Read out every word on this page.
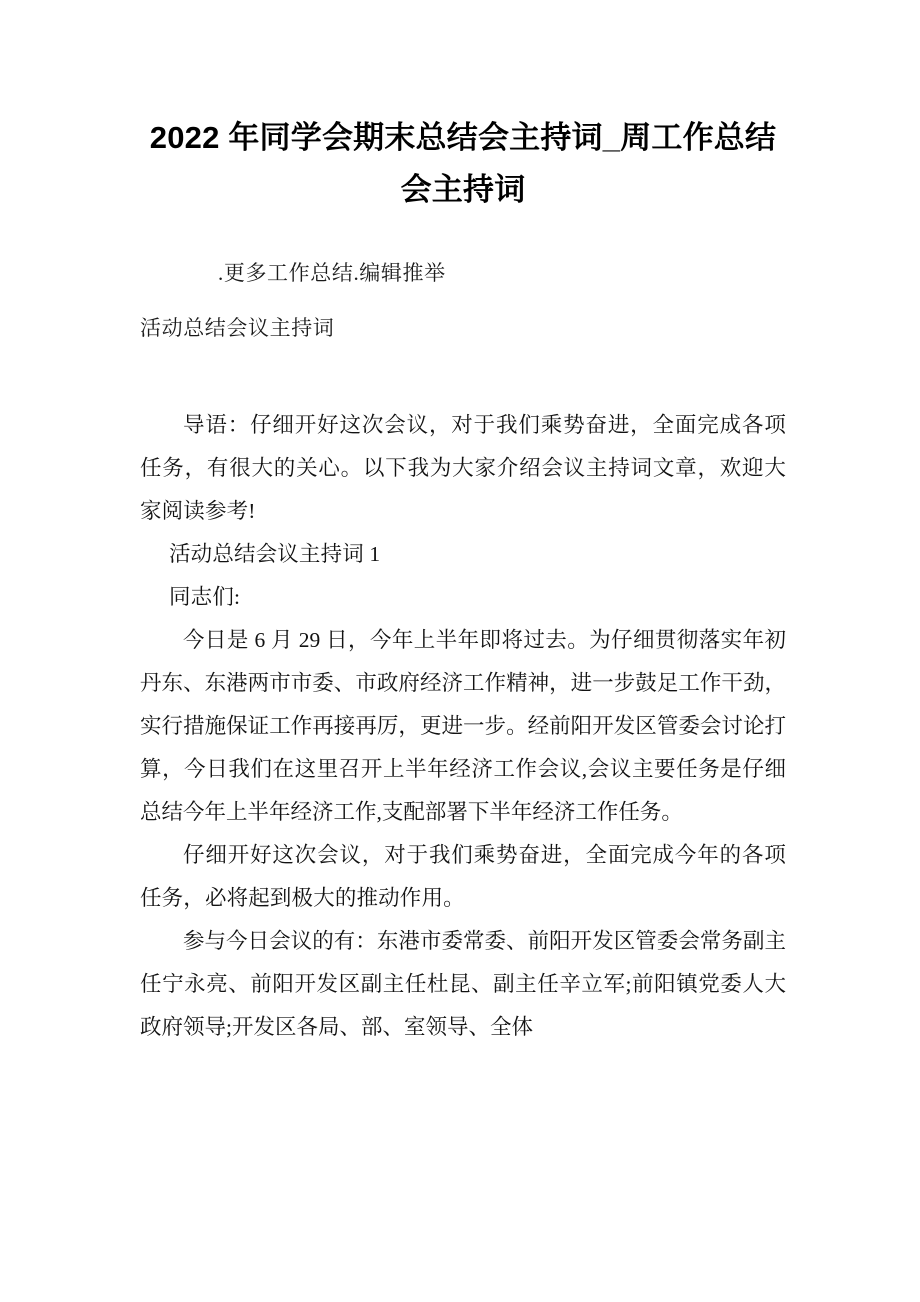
2022 年同学会期末总结会主持词_周工作总结会主持词
.更多工作总结.编辑推举
活动总结会议主持词

导语：仔细开好这次会议，对于我们乘势奋进，全面完成各项任务，有很大的关心。以下我为大家介绍会议主持词文章，欢迎大家阅读参考!

活动总结会议主持词 1

同志们:

今日是 6 月 29 日，今年上半年即将过去。为仔细贯彻落实年初丹东、东港两市市委、市政府经济工作精神，进一步鼓足工作干劲，实行措施保证工作再接再厉，更进一步。经前阳开发区管委会讨论打算，今日我们在这里召开上半年经济工作会议,会议主要任务是仔细总结今年上半年经济工作,支配部署下半年经济工作任务。

仔细开好这次会议，对于我们乘势奋进，全面完成今年的各项任务，必将起到极大的推动作用。

参与今日会议的有：东港市委常委、前阳开发区管委会常务副主任宁永亮、前阳开发区副主任杜昆、副主任辛立军;前阳镇党委人大政府领导;开发区各局、部、室领导、全体
